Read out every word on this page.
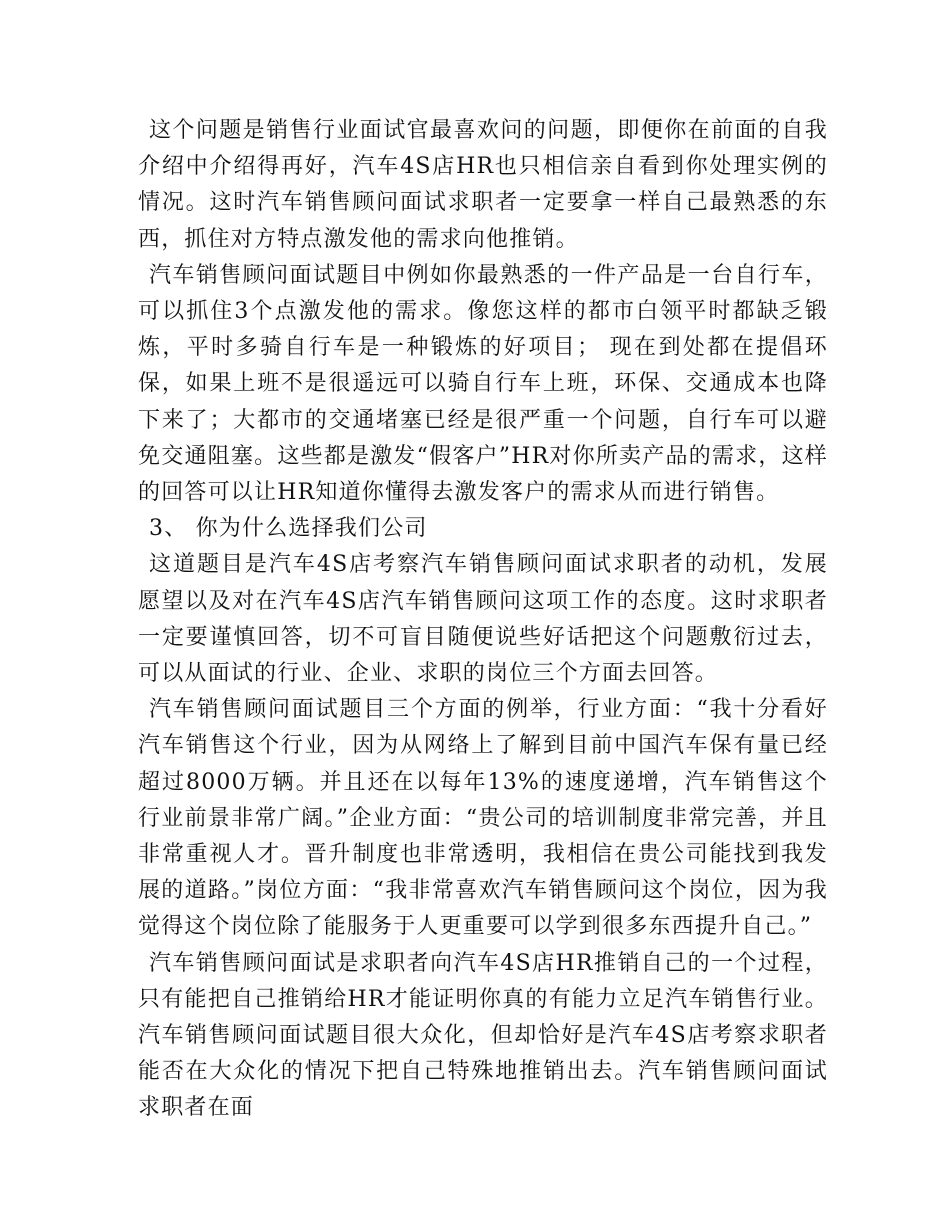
这个问题是销售行业面试官最喜欢问的问题，即便你在前面的自我介绍中介绍得再好，汽车4S店HR也只相信亲自看到你处理实例的情况。这时汽车销售顾问面试求职者一定要拿一样自己最熟悉的东西，抓住对方特点激发他的需求向他推销。

汽车销售顾问面试题目中例如你最熟悉的一件产品是一台自行车，可以抓住3个点激发他的需求。像您这样的都市白领平时都缺乏锻炼，平时多骑自行车是一种锻炼的好项目； 现在到处都在提倡环保，如果上班不是很遥远可以骑自行车上班，环保、交通成本也降下来了；大都市的交通堵塞已经是很严重一个问题，自行车可以避免交通阻塞。这些都是激发“假客户”HR对你所卖产品的需求，这样的回答可以让HR知道你懂得去激发客户的需求从而进行销售。

3、 你为什么选择我们公司

这道题目是汽车4S店考察汽车销售顾问面试求职者的动机，发展愿望以及对在汽车4S店汽车销售顾问这项工作的态度。这时求职者一定要谨慎回答，切不可盲目随便说些好话把这个问题敷衍过去，可以从面试的行业、企业、求职的岗位三个方面去回答。

汽车销售顾问面试题目三个方面的例举，行业方面：“我十分看好汽车销售这个行业，因为从网络上了解到目前中国汽车保有量已经超过8000万辆。并且还在以每年13%的速度递增，汽车销售这个行业前景非常广阔。”企业方面：“贵公司的培训制度非常完善，并且非常重视人才。晋升制度也非常透明，我相信在贵公司能找到我发展的道路。”岗位方面：“我非常喜欢汽车销售顾问这个岗位，因为我觉得这个岗位除了能服务于人更重要可以学到很多东西提升自己。”

汽车销售顾问面试是求职者向汽车4S店HR推销自己的一个过程，只有能把自己推销给HR才能证明你真的有能力立足汽车销售行业。汽车销售顾问面试题目很大众化，但却恰好是汽车4S店考察求职者能否在大众化的情况下把自己特殊地推销出去。汽车销售顾问面试求职者在面
